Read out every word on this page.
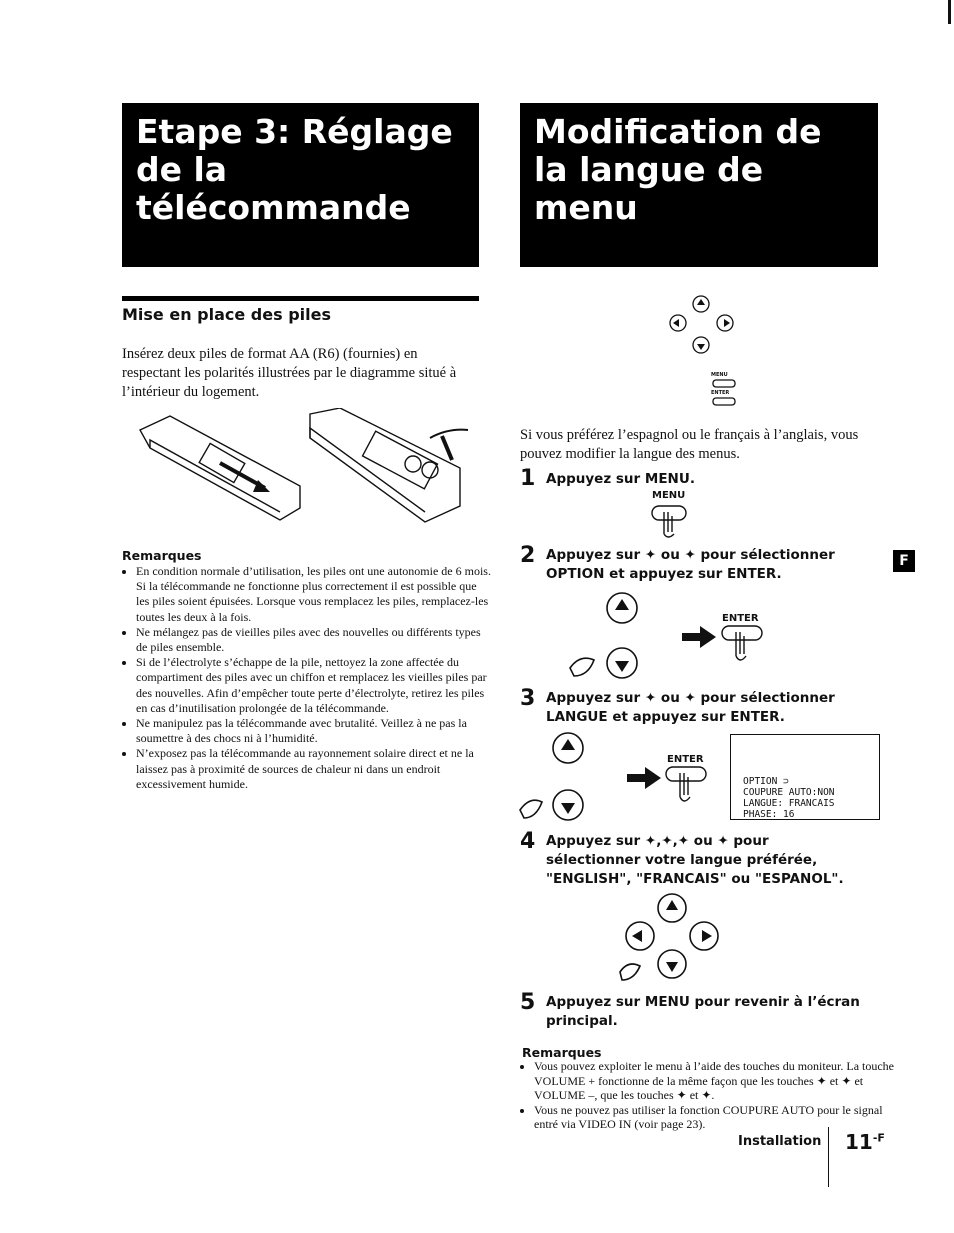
Etape 3: Réglage de la télécommande
Modification de la langue de menu
Mise en place des piles
Insérez deux piles de format AA (R6) (fournies) en respectant les polarités illustrées par le diagramme situé à l’intérieur du logement.
Remarques
• En condition normale d’utilisation, les piles ont une autonomie de 6 mois. Si la télécommande ne fonctionne plus correctement il est possible que les piles soient épuisées. Lorsque vous remplacez les piles, remplacez-les toutes les deux à la fois.
• Ne mélangez pas de vieilles piles avec des nouvelles ou différents types de piles ensemble.
• Si de l’électrolyte s’échappe de la pile, nettoyez la zone affectée du compartiment des piles avec un chiffon et remplacez les vieilles piles par des nouvelles. Afin d’empêcher toute perte d’électrolyte, retirez les piles en cas d’inutilisation prolongée de la télécommande.
• Ne manipulez pas la télécommande avec brutalité. Veillez à ne pas la soumettre à des chocs ni à l’humidité.
• N’exposez pas la télécommande au rayonnement solaire direct et ne la laissez pas à proximité de sources de chaleur ni dans un endroit excessivement humide.
MENU
ENTER
Si vous préférez l’espagnol ou le français à l’anglais, vous pouvez modifier la langue des menus.
1 Appuyez sur MENU.
MENU
2 Appuyez sur ✦ ou ✦ pour sélectionner OPTION et appuyez sur ENTER.
ENTER
3 Appuyez sur ✦ ou ✦ pour sélectionner LANGUE et appuyez sur ENTER.
ENTER
OPTION ⊃
COUPURE AUTO:NON
LANGUE: FRANCAIS
PHASE: 16
4 Appuyez sur ✦,✦,✦ ou ✦ pour sélectionner votre langue préférée, "ENGLISH", "FRANCAIS" ou "ESPANOL".
5 Appuyez sur MENU pour revenir à l’écran principal.
Remarques
• Vous pouvez exploiter le menu à l’aide des touches du moniteur. La touche VOLUME + fonctionne de la même façon que les touches ✦ et ✦ et VOLUME –, que les touches ✦ et ✦.
• Vous ne pouvez pas utiliser la fonction COUPURE AUTO pour le signal entré via VIDEO IN (voir page 23).
F
Installation $11^{-F}$
